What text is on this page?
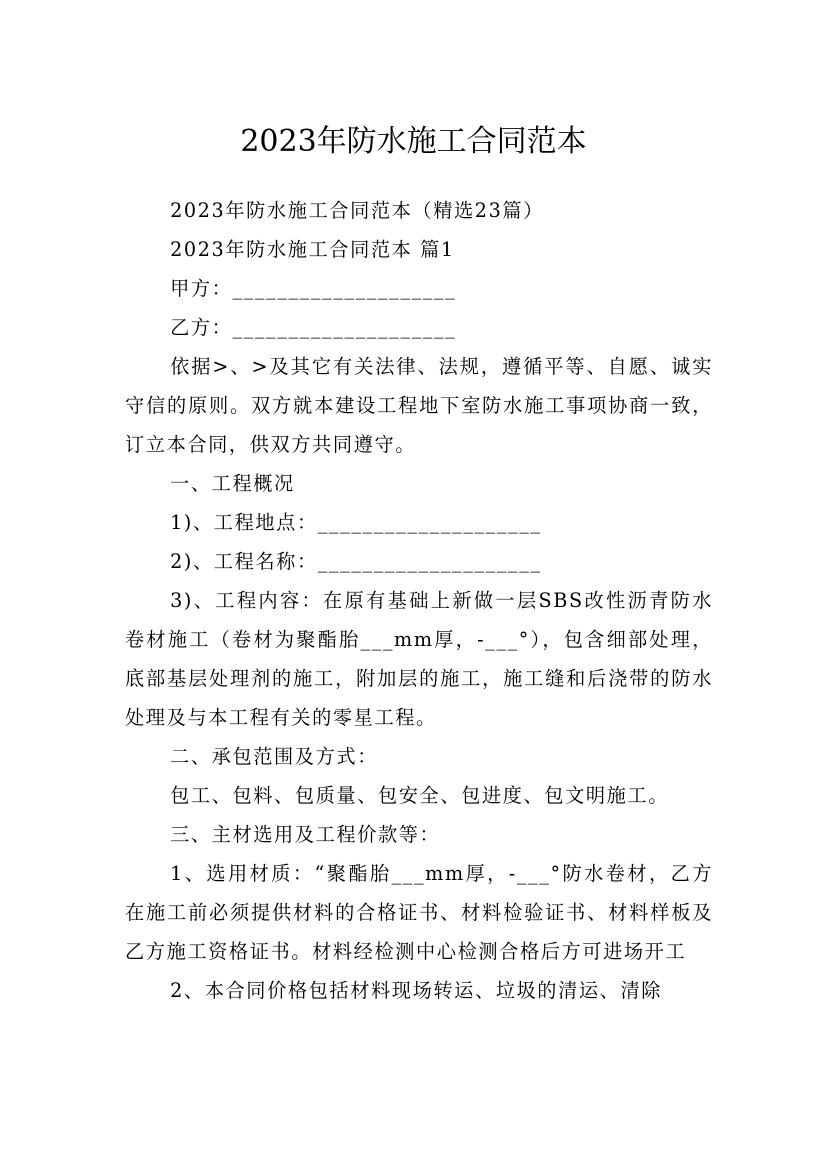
2023年防水施工合同范本

2023年防水施工合同范本（精选23篇）

2023年防水施工合同范本 篇1

甲方：____________________

乙方：____________________

依据>、>及其它有关法律、法规，遵循平等、自愿、诚实守信的原则。双方就本建设工程地下室防水施工事项协商一致，订立本合同，供双方共同遵守。

一、工程概况

1)、工程地点：____________________

2)、工程名称：____________________

3)、工程内容：在原有基础上新做一层SBS改性沥青防水卷材施工（卷材为聚酯胎___mm厚，-___°），包含细部处理，底部基层处理剂的施工，附加层的施工，施工缝和后浇带的防水处理及与本工程有关的零星工程。

二、承包范围及方式：

包工、包料、包质量、包安全、包进度、包文明施工。

三、主材选用及工程价款等：

1、选用材质：“聚酯胎___mm厚，-___°防水卷材，乙方在施工前必须提供材料的合格证书、材料检验证书、材料样板及乙方施工资格证书。材料经检测中心检测合格后方可进场开工

2、本合同价格包括材料现场转运、垃圾的清运、清除
